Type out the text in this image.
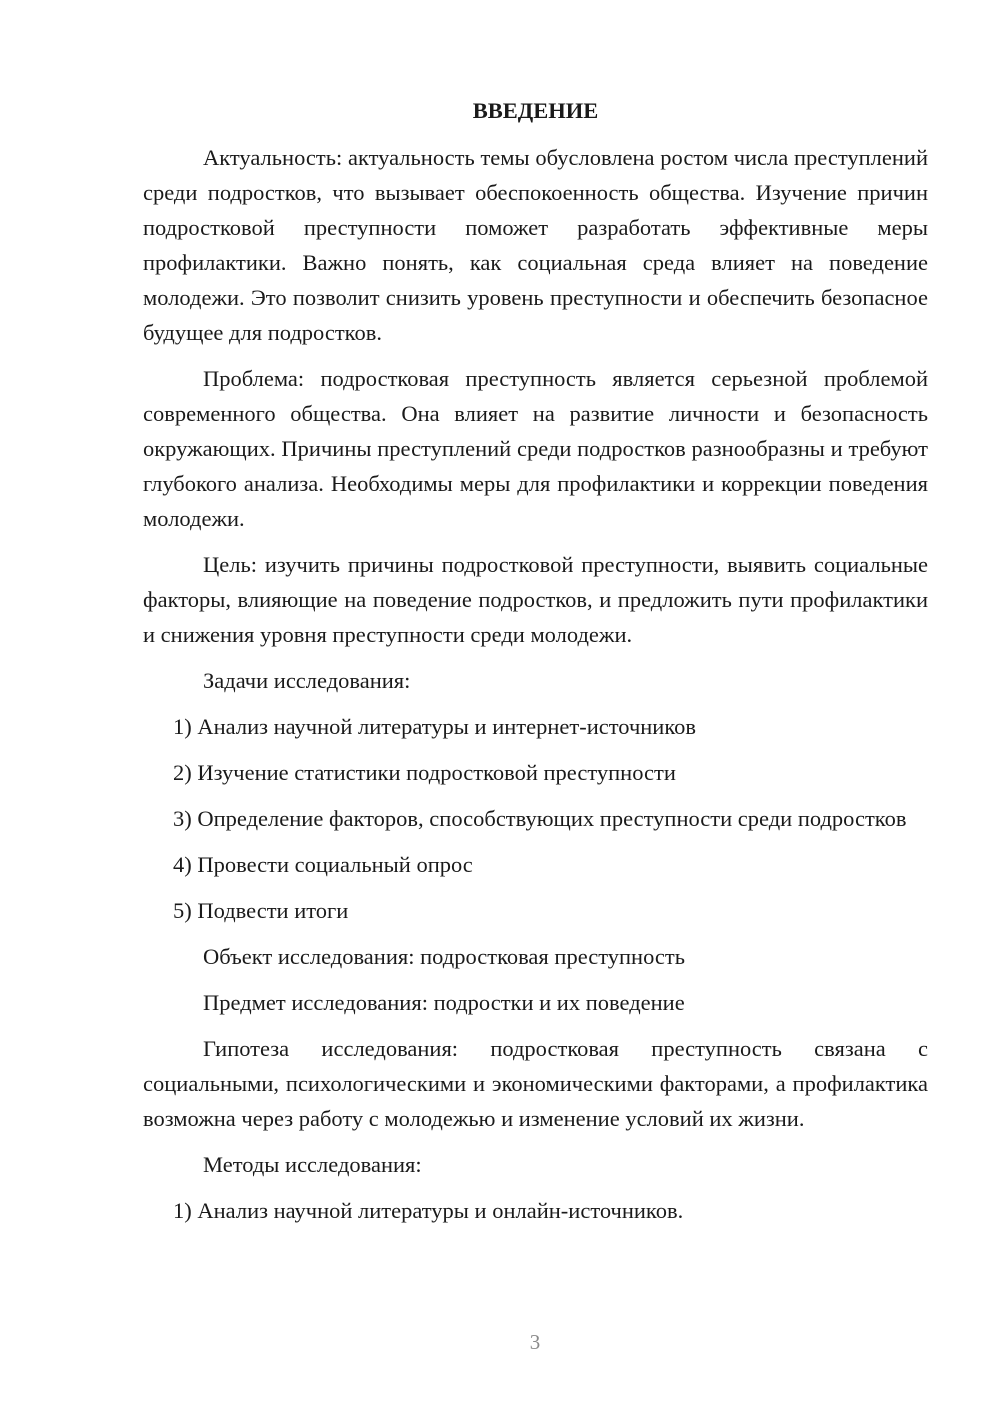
ВВЕДЕНИЕ

Актуальность: актуальность темы обусловлена ростом числа преступлений среди подростков, что вызывает обеспокоенность общества. Изучение причин подростковой преступности поможет разработать эффективные меры профилактики. Важно понять, как социальная среда влияет на поведение молодежи. Это позволит снизить уровень преступности и обеспечить безопасное будущее для подростков.

Проблема: подростковая преступность является серьезной проблемой современного общества. Она влияет на развитие личности и безопасность окружающих. Причины преступлений среди подростков разнообразны и требуют глубокого анализа. Необходимы меры для профилактики и коррекции поведения молодежи.

Цель: изучить причины подростковой преступности, выявить социальные факторы, влияющие на поведение подростков, и предложить пути профилактики и снижения уровня преступности среди молодежи.

Задачи исследования:

1) Анализ научной литературы и интернет-источников

2) Изучение статистики подростковой преступности

3) Определение факторов, способствующих преступности среди подростков

4) Провести социальный опрос

5) Подвести итоги

Объект исследования: подростковая преступность

Предмет исследования: подростки и их поведение

Гипотеза исследования: подростковая преступность связана с социальными, психологическими и экономическими факторами, а профилактика возможна через работу с молодежью и изменение условий их жизни.

Методы исследования:

1) Анализ научной литературы и онлайн-источников.

3
